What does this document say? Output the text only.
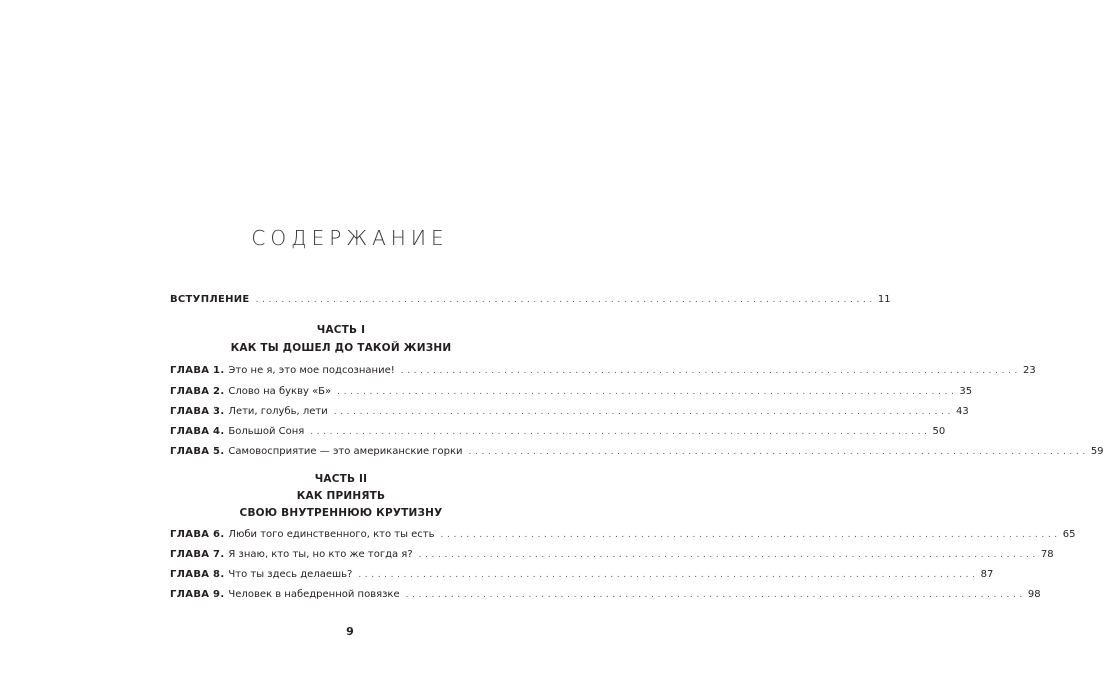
СОДЕРЖАНИЕ
ВСТУПЛЕНИЕ ................................................................................................ 11
ЧАСТЬ I
КАК ТЫ ДОШЕЛ ДО ТАКОЙ ЖИЗНИ
ГЛАВА 1. Это не я, это мое подсознание! ................................................................................................ 23
ГЛАВА 2. Слово на букву «Б» ................................................................................................ 35
ГЛАВА 3. Лети, голубь, лети ................................................................................................ 43
ГЛАВА 4. Большой Соня ................................................................................................ 50
ГЛАВА 5. Самовосприятие — это американские горки ................................................................................................ 59
ЧАСТЬ II
КАК ПРИНЯТЬ
СВОЮ ВНУТРЕННЮЮ КРУТИЗНУ
ГЛАВА 6. Люби того единственного, кто ты есть ................................................................................................ 65
ГЛАВА 7. Я знаю, кто ты, но кто же тогда я? ................................................................................................ 78
ГЛАВА 8. Что ты здесь делаешь? ................................................................................................ 87
ГЛАВА 9. Человек в набедренной повязке ................................................................................................ 98
9
